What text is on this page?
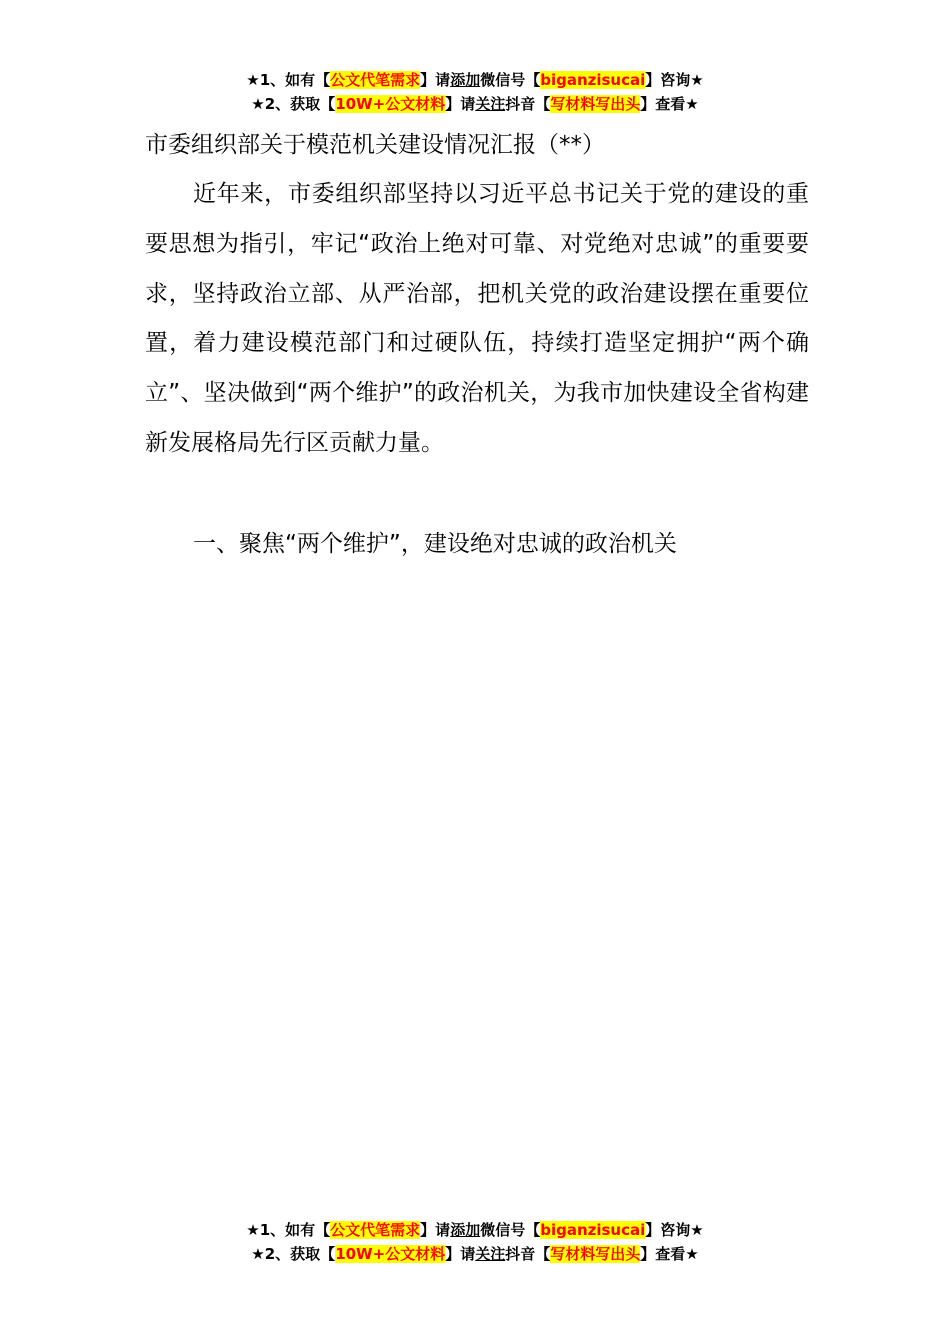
★1、如有【公文代笔需求】请添加微信号【biganzisucai】咨询★
★2、获取【10W+公文材料】请关注抖音【写材料写出头】查看★
市委组织部关于模范机关建设情况汇报（**）

近年来，市委组织部坚持以习近平总书记关于党的建设的重要思想为指引，牢记“政治上绝对可靠、对党绝对忠诚”的重要要求，坚持政治立部、从严治部，把机关党的政治建设摆在重要位置，着力建设模范部门和过硬队伍，持续打造坚定拥护“两个确立”、坚决做到“两个维护”的政治机关，为我市加快建设全省构建新发展格局先行区贡献力量。

一、聚焦“两个维护”，建设绝对忠诚的政治机关
★1、如有【公文代笔需求】请添加微信号【biganzisucai】咨询★
★2、获取【10W+公文材料】请关注抖音【写材料写出头】查看★
